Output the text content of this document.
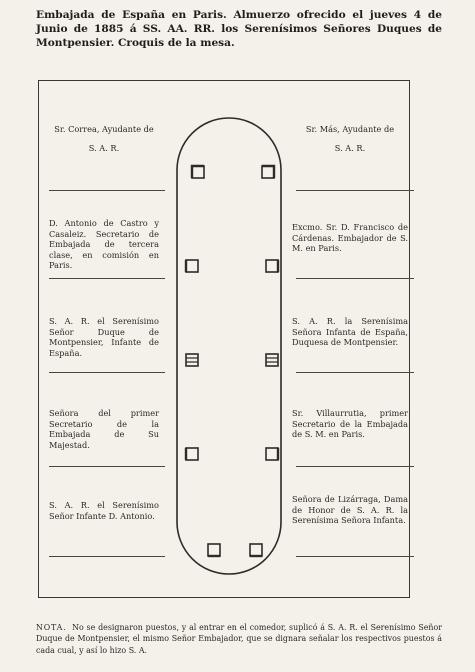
Embajada de España en Paris. Almuerzo ofrecido el jueves 4 de Junio de 1885 á SS. AA. RR. los Serenísimos Señores Duques de Montpensier. Croquis de la mesa.
Sr. Correa, Ayudante de
S. A. R.
D. Antonio de Castro y Casaleiz. Secretario de Embajada de tercera clase, en comisión en Paris.
S. A. R. el Serenísimo Señor Duque de Montpensier, Infante de España.
Señora del primer Secretario de la Embajada de Su Majestad.
S. A. R. el Serenísimo Señor Infante D. Antonio.
Sr. Más, Ayudante de
S. A. R.
Excmo. Sr. D. Francisco de Cárdenas. Embajador de S. M. en Paris.
S. A. R. la Serenísima Señora Infanta de España, Duquesa de Montpensier.
Sr. Villaurrutia, primer Secretario de la Embajada de S. M. en Paris.
Señora de Lizárraga, Dama de Honor de S. A. R. la Serenísima Señora Infanta.
NOTA. No se designaron puestos, y al entrar en el comedor, suplicó á S. A. R. el Serenísimo Señor Duque de Montpensier, el mismo Señor Embajador, que se dignara señalar los respectivos puestos á cada cual, y así lo hizo S. A.
